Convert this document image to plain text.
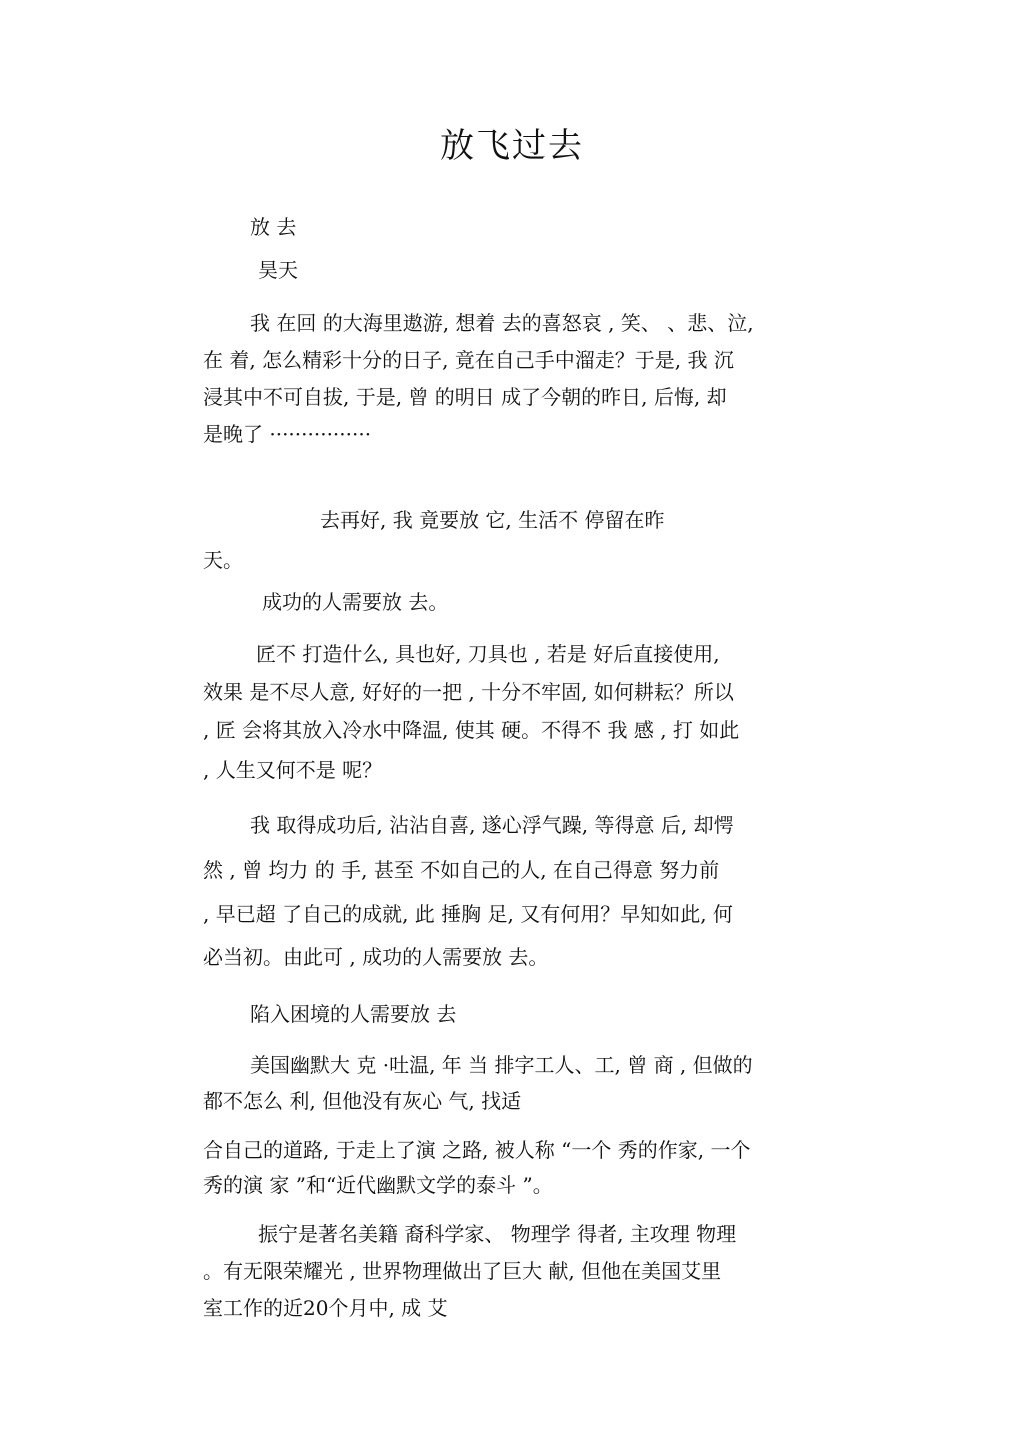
放飞过去
放 去
昊天
我 在回 的大海里遨游, 想着 去的喜怒哀 , 笑、 、悲、泣,
在 着, 怎么精彩十分的日子, 竟在自己手中溜走？于是, 我 沉
浸其中不可自拔, 于是, 曾 的明日 成了今朝的昨日, 后悔, 却
是晚了 ················
去再好, 我 竟要放 它, 生活不 停留在昨
天。
成功的人需要放 去。
匠不 打造什么, 具也好, 刀具也 , 若是 好后直接使用,
效果 是不尽人意, 好好的一把 , 十分不牢固, 如何耕耘？所以
, 匠 会将其放入冷水中降温, 使其 硬。不得不 我 感 , 打 如此
, 人生又何不是 呢？
我 取得成功后, 沾沾自喜, 遂心浮气躁, 等得意 后, 却愕
然 , 曾 均力 的 手, 甚至 不如自己的人, 在自己得意 努力前
, 早已超 了自己的成就, 此 捶胸 足, 又有何用？早知如此, 何
必当初。由此可 , 成功的人需要放 去。
陷入困境的人需要放 去
美国幽默大 克 ·吐温, 年 当 排字工人、工, 曾 商 , 但做的
都不怎么 利, 但他没有灰心 气, 找适
合自己的道路, 于走上了演 之路, 被人称 “一个 秀的作家, 一个
秀的演 家 ”和“近代幽默文学的泰斗 ”。
振宁是著名美籍 裔科学家、 物理学 得者, 主攻理 物理
。有无限荣耀光 , 世界物理做出了巨大 献, 但他在美国艾里
室工作的近20个月中, 成 艾
